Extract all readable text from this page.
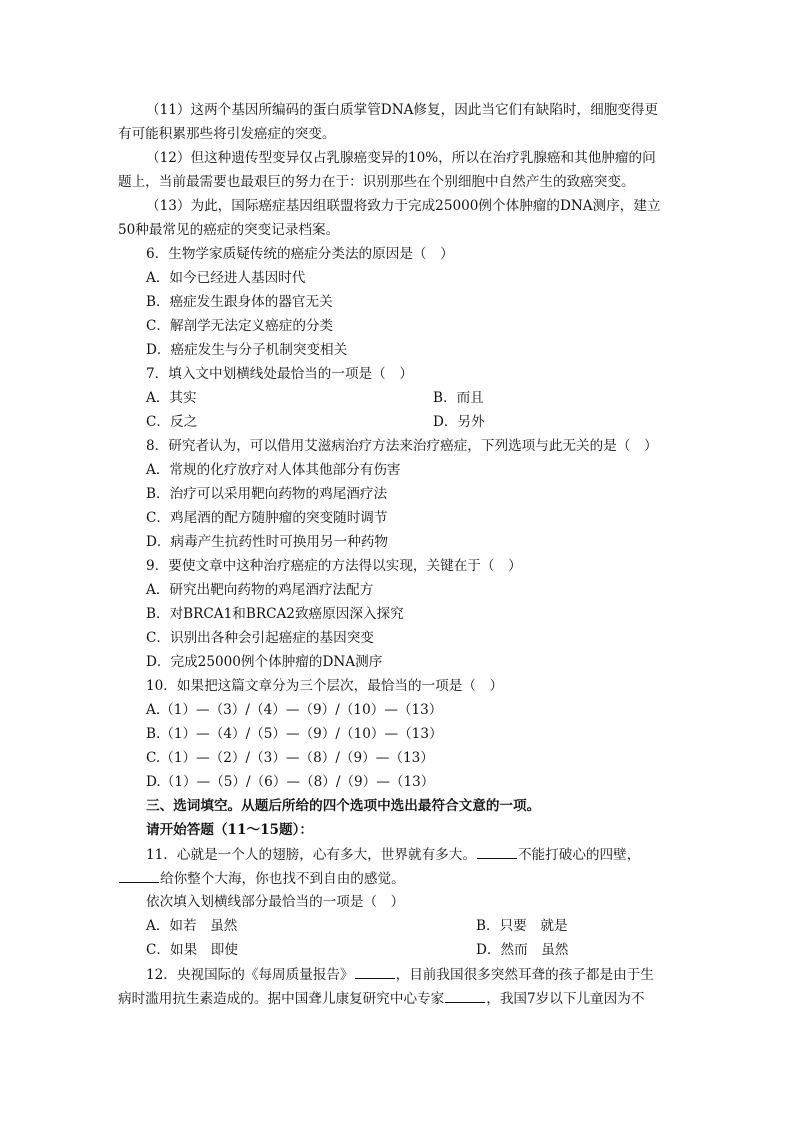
（11）这两个基因所编码的蛋白质掌管DNA修复，因此当它们有缺陷时，细胞变得更
有可能积累那些将引发癌症的突变。
（12）但这种遗传型变异仅占乳腺癌变异的10%，所以在治疗乳腺癌和其他肿瘤的问
题上，当前最需要也最艰巨的努力在于：识别那些在个别细胞中自然产生的致癌突变。
（13）为此，国际癌症基因组联盟将致力于完成25000例个体肿瘤的DNA测序，建立
50种最常见的癌症的突变记录档案。
6．生物学家质疑传统的癌症分类法的原因是（　）
A．如今已经进人基因时代
B．癌症发生跟身体的器官无关
C．解剖学无法定义癌症的分类
D．癌症发生与分子机制突变相关
7．填入文中划横线处最恰当的一项是（　）
A．其实	B．而且
C．反之	D．另外
8．研究者认为，可以借用艾滋病治疗方法来治疗癌症，下列选项与此无关的是（　）
A．常规的化疗放疗对人体其他部分有伤害
B．治疗可以采用靶向药物的鸡尾酒疗法
C．鸡尾酒的配方随肿瘤的突变随时调节
D．病毒产生抗药性时可换用另一种药物
9．要使文章中这种治疗癌症的方法得以实现，关键在于（　）
A．研究出靶向药物的鸡尾酒疗法配方
B．对BRCA1和BRCA2致癌原因深入探究
C．识别出各种会引起癌症的基因突变
D．完成25000例个体肿瘤的DNA测序
10．如果把这篇文章分为三个层次，最恰当的一项是（　）
A.（1）—（3）/（4）—（9）/（10）—（13）
B.（1）—（4）/（5）—（9）/（10）—（13）
C.（1）—（2）/（3）—（8）/（9）—（13）
D.（1）—（5）/（6）—（8）/（9）—（13）
三、选词填空。从题后所给的四个选项中选出最符合文意的一项。
请开始答题（11～15题）：
11．心就是一个人的翅膀，心有多大，世界就有多大。	不能打破心的四壁，
给你整个大海，你也找不到自由的感觉。
依次填入划横线部分最恰当的一项是（　）
A．如若　虽然	B．只要　就是
C．如果　即使	D．然而　虽然
12．央视国际的《每周质量报告》	，目前我国很多突然耳聋的孩子都是由于生
病时滥用抗生素造成的。据中国聋儿康复研究中心专家	，我国7岁以下儿童因为不
